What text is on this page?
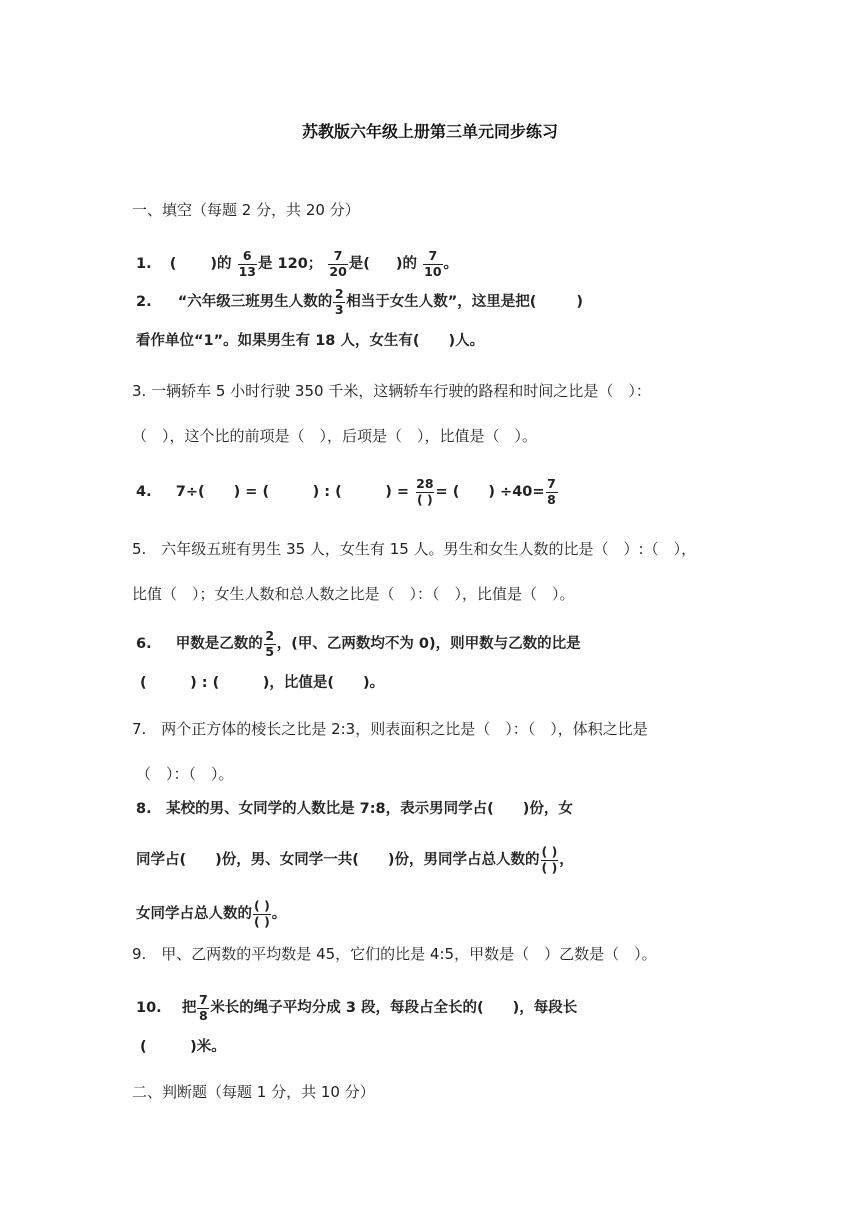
苏教版六年级上册第三单元同步练习
一、填空（每题 2 分，共 20 分）
1. ( )的 $\frac{6}{13}$ 是 120； $\frac{7}{20}$ 是( )的 $\frac{7}{10}$ 。
2. “六年级三班男生人数的 $\frac{2}{3}$ 相当于女生人数”，这里是把(	)
看作单位“1”。如果男生有 18 人，女生有(　　)人。
3. 一辆轿车 5 小时行驶 350 千米，这辆轿车行驶的路程和时间之比是（　）：
（　），这个比的前项是（　），后项是（　），比值是（　）。
4. 7÷(　　) = (　　　) : (　　　) = $\frac{28}{( )}$ = (　　) $\div 40= \frac{7}{8}$
5.　六年级五班有男生 35 人，女生有 15 人。男生和女生人数的比是（　）:（　），
比值（　）；女生人数和总人数之比是（　）：（　），比值是（　）。
6. 甲数是乙数的 $\frac{2}{5}$ ，(甲、乙两数均不为 0)，则甲数与乙数的比是
(　　　) : (　　　)，比值是(　　)。
7.　两个正方体的棱长之比是 2:3，则表面积之比是（　）：（　），体积之比是
（　）：（　）。
8.　某校的男、女同学的人数比是 7:8，表示男同学占(　　)份，女
同学占(　　)份，男、女同学一共(　　)份，男同学占总人数的 $\frac{( )}{( )}$ ，
女同学占总人数的 $\frac{( )}{( )}$ 。
9.　甲、乙两数的平均数是 45，它们的比是 4:5，甲数是（　）乙数是（　）。
10. 把 $\frac{7}{8}$ 米长的绳子平均分成 3 段，每段占全长的(　　)，每段长
(　　　)米。
二、判断题（每题 1 分，共 10 分）
